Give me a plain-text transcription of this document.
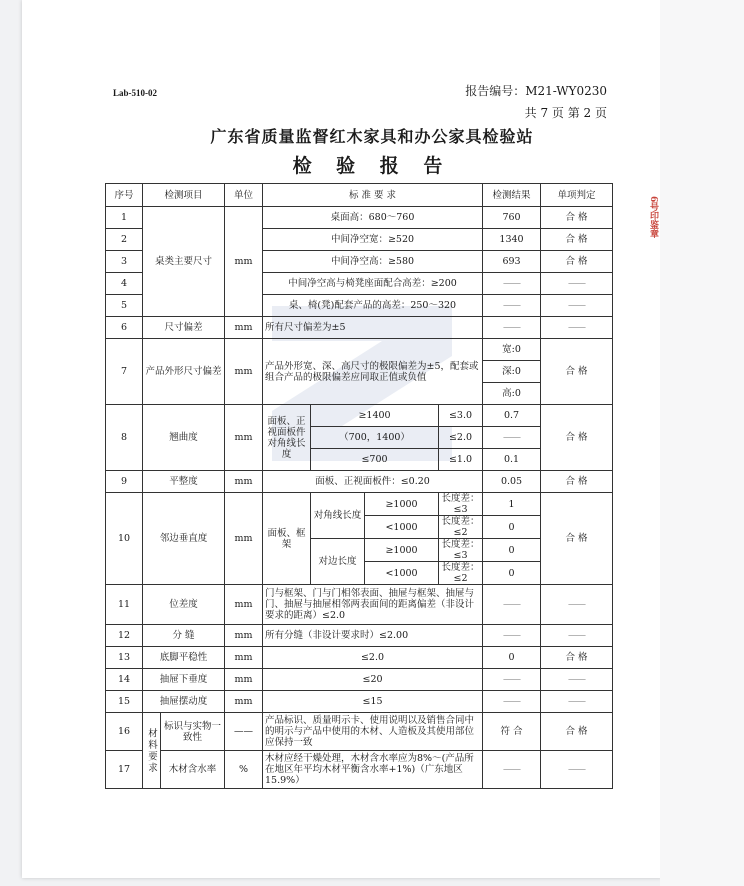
6号印鉴章
Lab-510-02	报告编号：M21-WY0230
共 7 页 第 2 页
广东省质量监督红木家具和办公家具检验站
检 验 报 告
序号	检测项目		单位	标 准 要 求				检测结果	单项判定
1	桌类主要尺寸		mm	桌面高：680～760				760	合 格
2				中间净空宽：≥520				1340	合 格
3				中间净空高：≥580				693	合 格
4				中间净空高与椅凳座面配合高差：≥200				——	——
5				桌、椅(凳)配套产品的高差：250～320				——	——
6	尺寸偏差		mm	所有尺寸偏差为±5				——	——
7	产品外形尺寸偏差		mm	产品外形宽、深、高尺寸的极限偏差为±5，配套或组合产品的极限偏差应同取正值或负值				宽:0	合 格
								深:0	
								高:0	
8	翘曲度		mm	面板、正视面板件对角线长度	≥1400		≤3.0	0.7	合 格
					（700，1400）		≤2.0	——	
					≤700		≤1.0	0.1	
9	平整度		mm	面板、正视面板件：≤0.20				0.05	合 格
10	邻边垂直度		mm	面板、框架	对角线长度	≥1000	长度差：≤3	1	合 格
						<1000	长度差：≤2	0	
					对边长度	≥1000	长度差：≤3	0	
						<1000	长度差：≤2	0	
11	位差度		mm	门与框架、门与门相邻表面、抽屉与框架、抽屉与门、抽屉与抽屉相邻两表面间的距离偏差（非设计要求的距离）≤2.0				——	——
12	分 缝		mm	所有分缝（非设计要求时）≤2.00				——	——
13	底脚平稳性		mm	≤2.0				0	合 格
14	抽屉下垂度		mm	≤20				——	——
15	抽屉摆动度		mm	≤15				——	——
16	材料要求	标识与实物一致性	——	产品标识、质量明示卡、使用说明以及销售合同中的明示与产品中使用的木材、人造板及其使用部位应保持一致				符 合	合 格
17		木材含水率	%	木材应经干燥处理，木材含水率应为8%～(产品所在地区年平均木材平衡含水率+1%)（广东地区15.9%）				——	——
